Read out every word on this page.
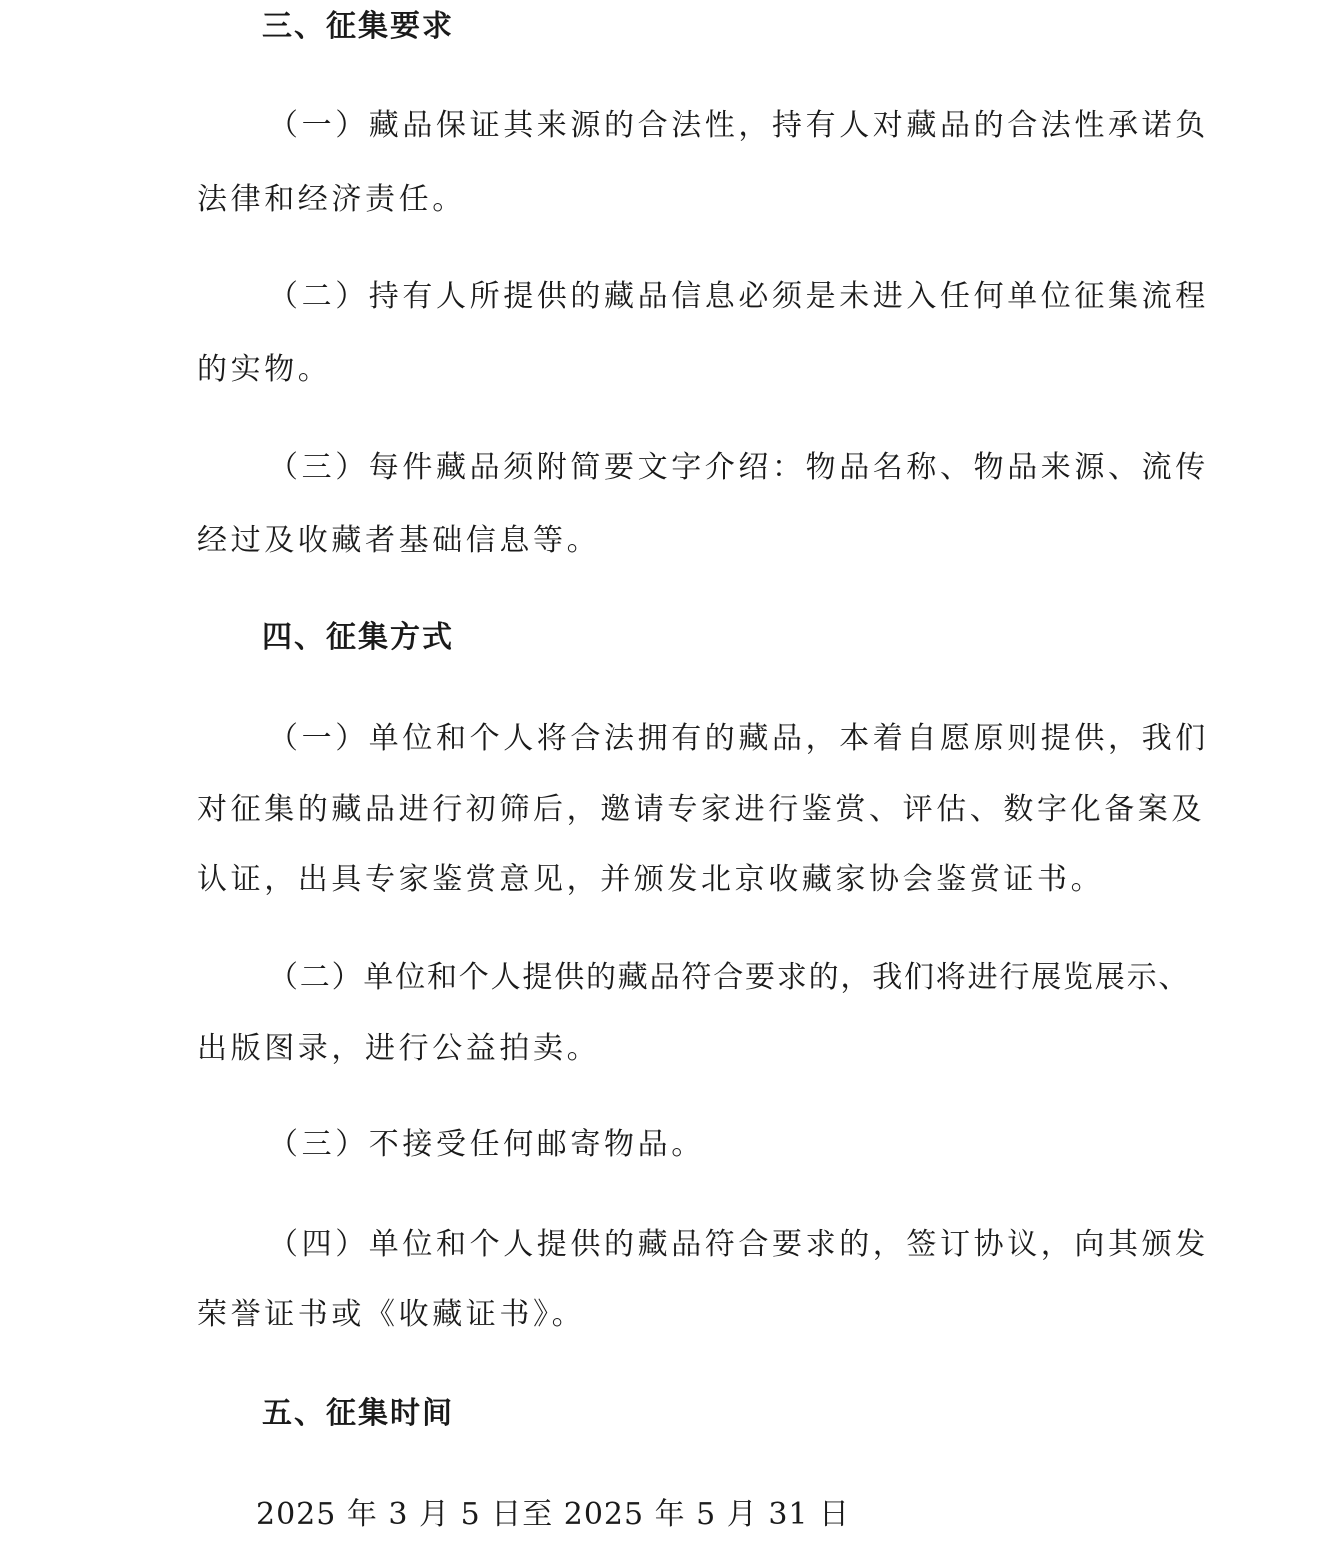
三、征集要求
（一）藏品保证其来源的合法性，持有人对藏品的合法性承诺负
法律和经济责任。
（二）持有人所提供的藏品信息必须是未进入任何单位征集流程
的实物。
（三）每件藏品须附简要文字介绍：物品名称、物品来源、流传
经过及收藏者基础信息等。
四、征集方式
（一）单位和个人将合法拥有的藏品，本着自愿原则提供，我们
对征集的藏品进行初筛后，邀请专家进行鉴赏、评估、数字化备案及
认证，出具专家鉴赏意见，并颁发北京收藏家协会鉴赏证书。
（二）单位和个人提供的藏品符合要求的，我们将进行展览展示、
出版图录，进行公益拍卖。
（三）不接受任何邮寄物品。
（四）单位和个人提供的藏品符合要求的，签订协议，向其颁发
荣誉证书或《收藏证书》。
五、征集时间
2025 年 3 月 5 日至 2025 年 5 月 31 日
